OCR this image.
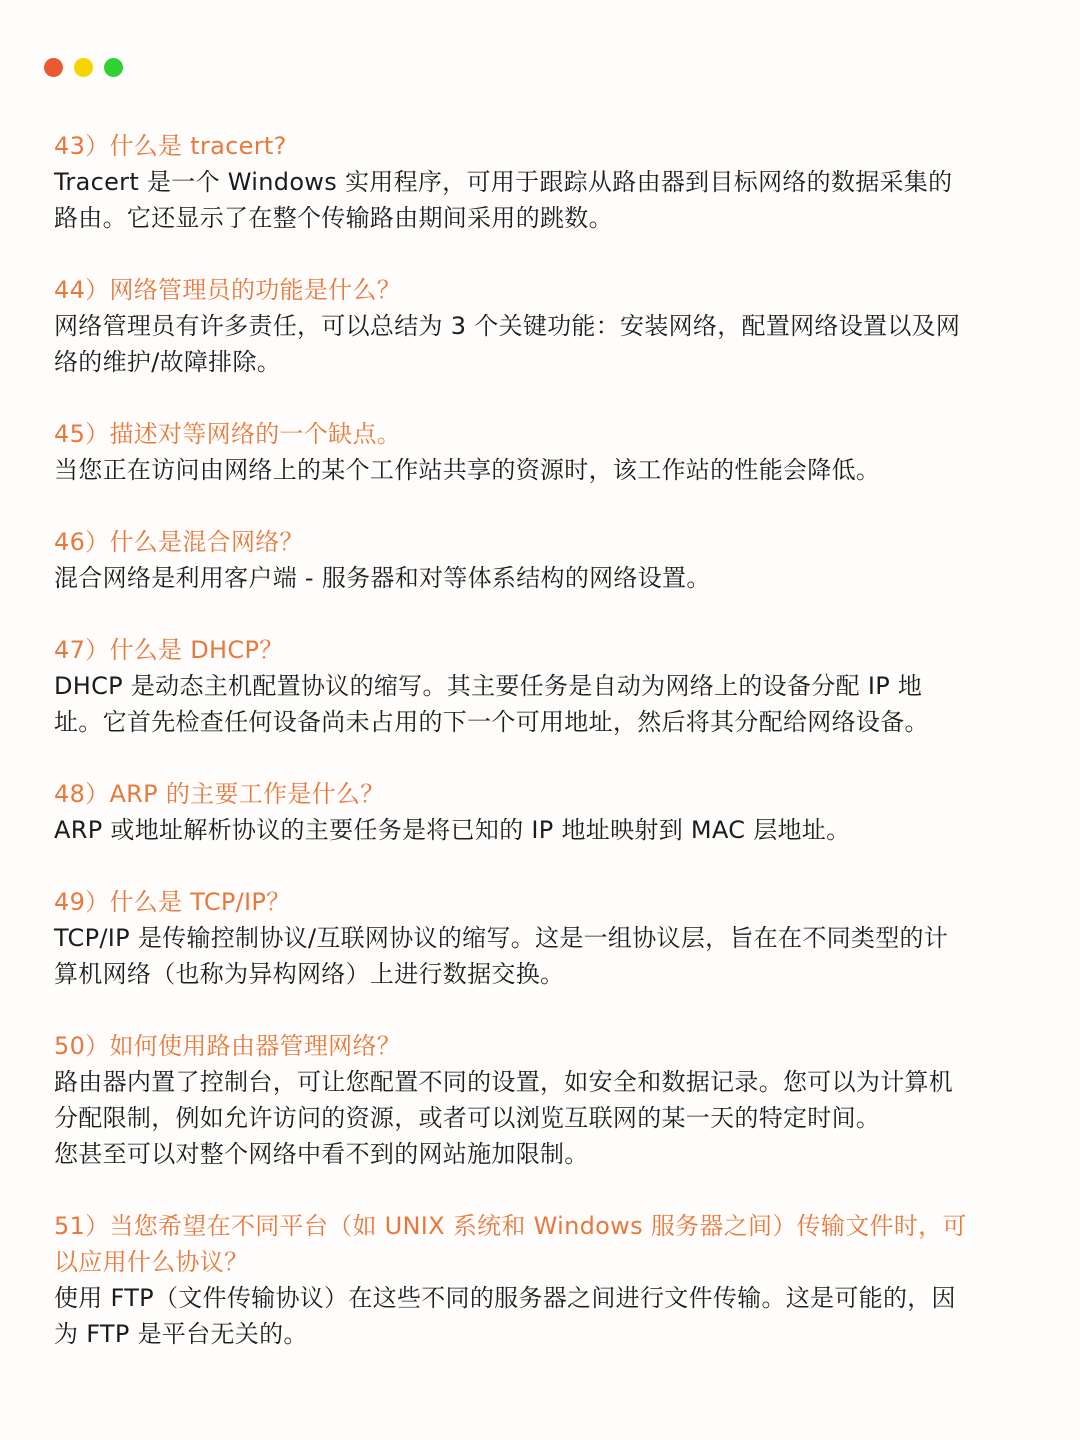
43）什么是 tracert?

Tracert 是一个 Windows 实用程序，可用于跟踪从路由器到目标网络的数据采集的
路由。它还显示了在整个传输路由期间采用的跳数。

44）网络管理员的功能是什么？

网络管理员有许多责任，可以总结为 3 个关键功能：安装网络，配置网络设置以及网
络的维护/故障排除。

45）描述对等网络的一个缺点。

当您正在访问由网络上的某个工作站共享的资源时，该工作站的性能会降低。

46）什么是混合网络？

混合网络是利用客户端 - 服务器和对等体系结构的网络设置。

47）什么是 DHCP？

DHCP 是动态主机配置协议的缩写。其主要任务是自动为网络上的设备分配 IP 地
址。它首先检查任何设备尚未占用的下一个可用地址，然后将其分配给网络设备。

48）ARP 的主要工作是什么？

ARP 或地址解析协议的主要任务是将已知的 IP 地址映射到 MAC 层地址。

49）什么是 TCP/IP？

TCP/IP 是传输控制协议/互联网协议的缩写。这是一组协议层，旨在在不同类型的计
算机网络（也称为异构网络）上进行数据交换。

50）如何使用路由器管理网络？

路由器内置了控制台，可让您配置不同的设置，如安全和数据记录。您可以为计算机
分配限制，例如允许访问的资源，或者可以浏览互联网的某一天的特定时间。
您甚至可以对整个网络中看不到的网站施加限制。

51）当您希望在不同平台（如 UNIX 系统和 Windows 服务器之间）传输文件时，可
以应用什么协议？

使用 FTP（文件传输协议）在这些不同的服务器之间进行文件传输。这是可能的，因
为 FTP 是平台无关的。
